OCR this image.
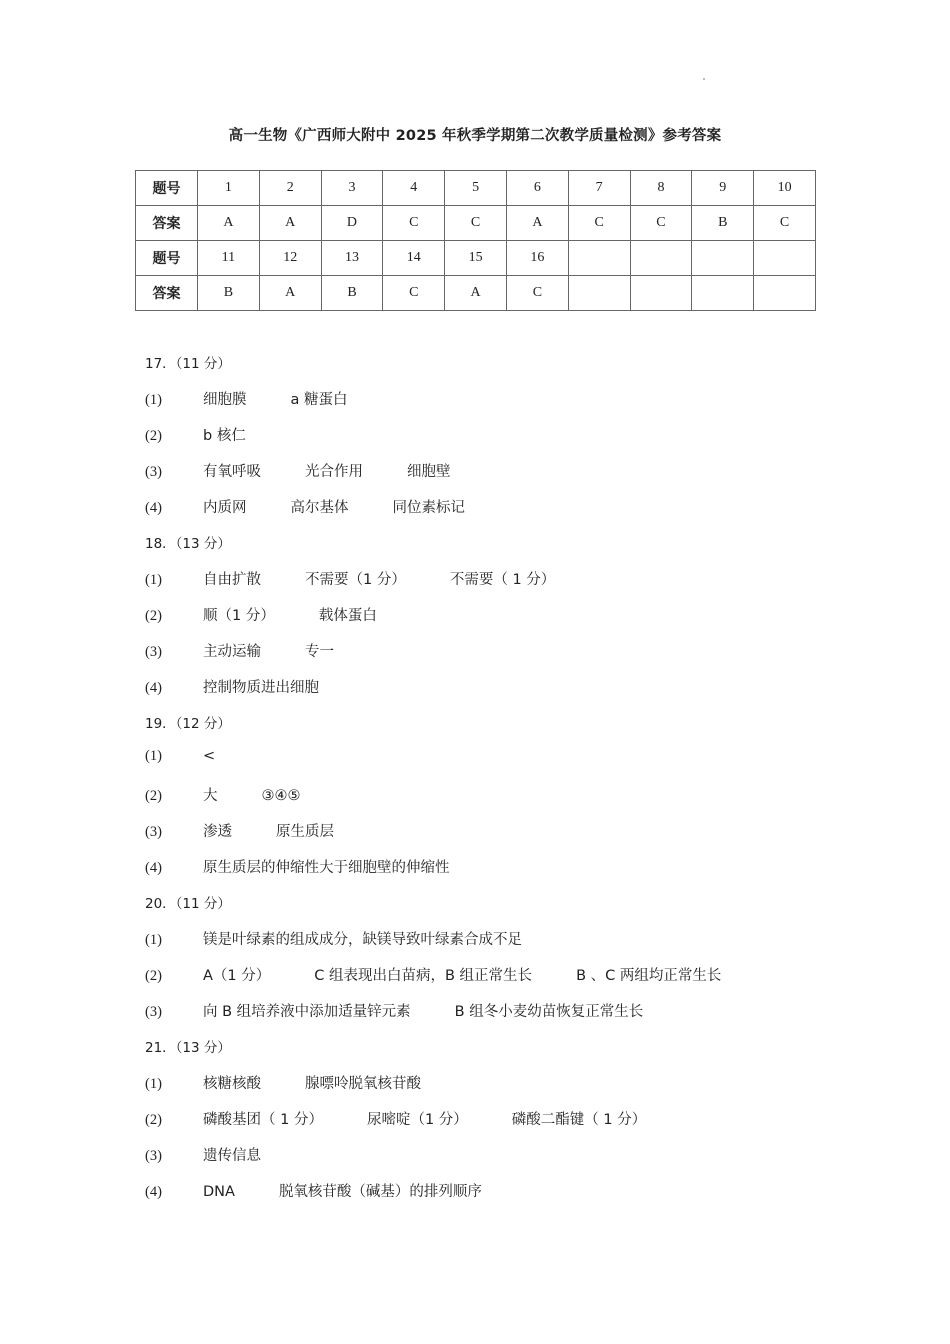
高一生物《广西师大附中 2025 年秋季学期第二次教学质量检测》参考答案
题号	1	2	3	4	5	6	7	8	9	10
答案	A	A	D	C	C	A	C	C	B	C
题号	11	12	13	14	15	16				
答案	B	A	B	C	A	C				
17．（11 分）
(1)	细胞膜	a 糖蛋白
(2)	b 核仁
(3)	有氧呼吸	光合作用	细胞壁
(4)	内质网	高尔基体	同位素标记
18．（13 分）
(1)	自由扩散	不需要（1 分）	不需要（ 1 分）
(2)	顺（1 分）	载体蛋白
(3)	主动运输	专一
(4)	控制物质进出细胞
19．（12 分）
(1)	<
(2)	大	③④⑤
(3)	渗透	原生质层
(4)	原生质层的伸缩性大于细胞壁的伸缩性
20．（11 分）
(1)	镁是叶绿素的组成成分，缺镁导致叶绿素合成不足
(2)	A（1 分）	C 组表现出白苗病，B 组正常生长	B 、C 两组均正常生长
(3)	向 B 组培养液中添加适量锌元素	B 组冬小麦幼苗恢复正常生长
21．（13 分）
(1)	核糖核酸	腺嘌呤脱氧核苷酸
(2)	磷酸基团（ 1 分）	尿嘧啶（1 分）	磷酸二酯键（ 1 分）
(3)	遗传信息
(4)	DNA	脱氧核苷酸（碱基）的排列顺序
